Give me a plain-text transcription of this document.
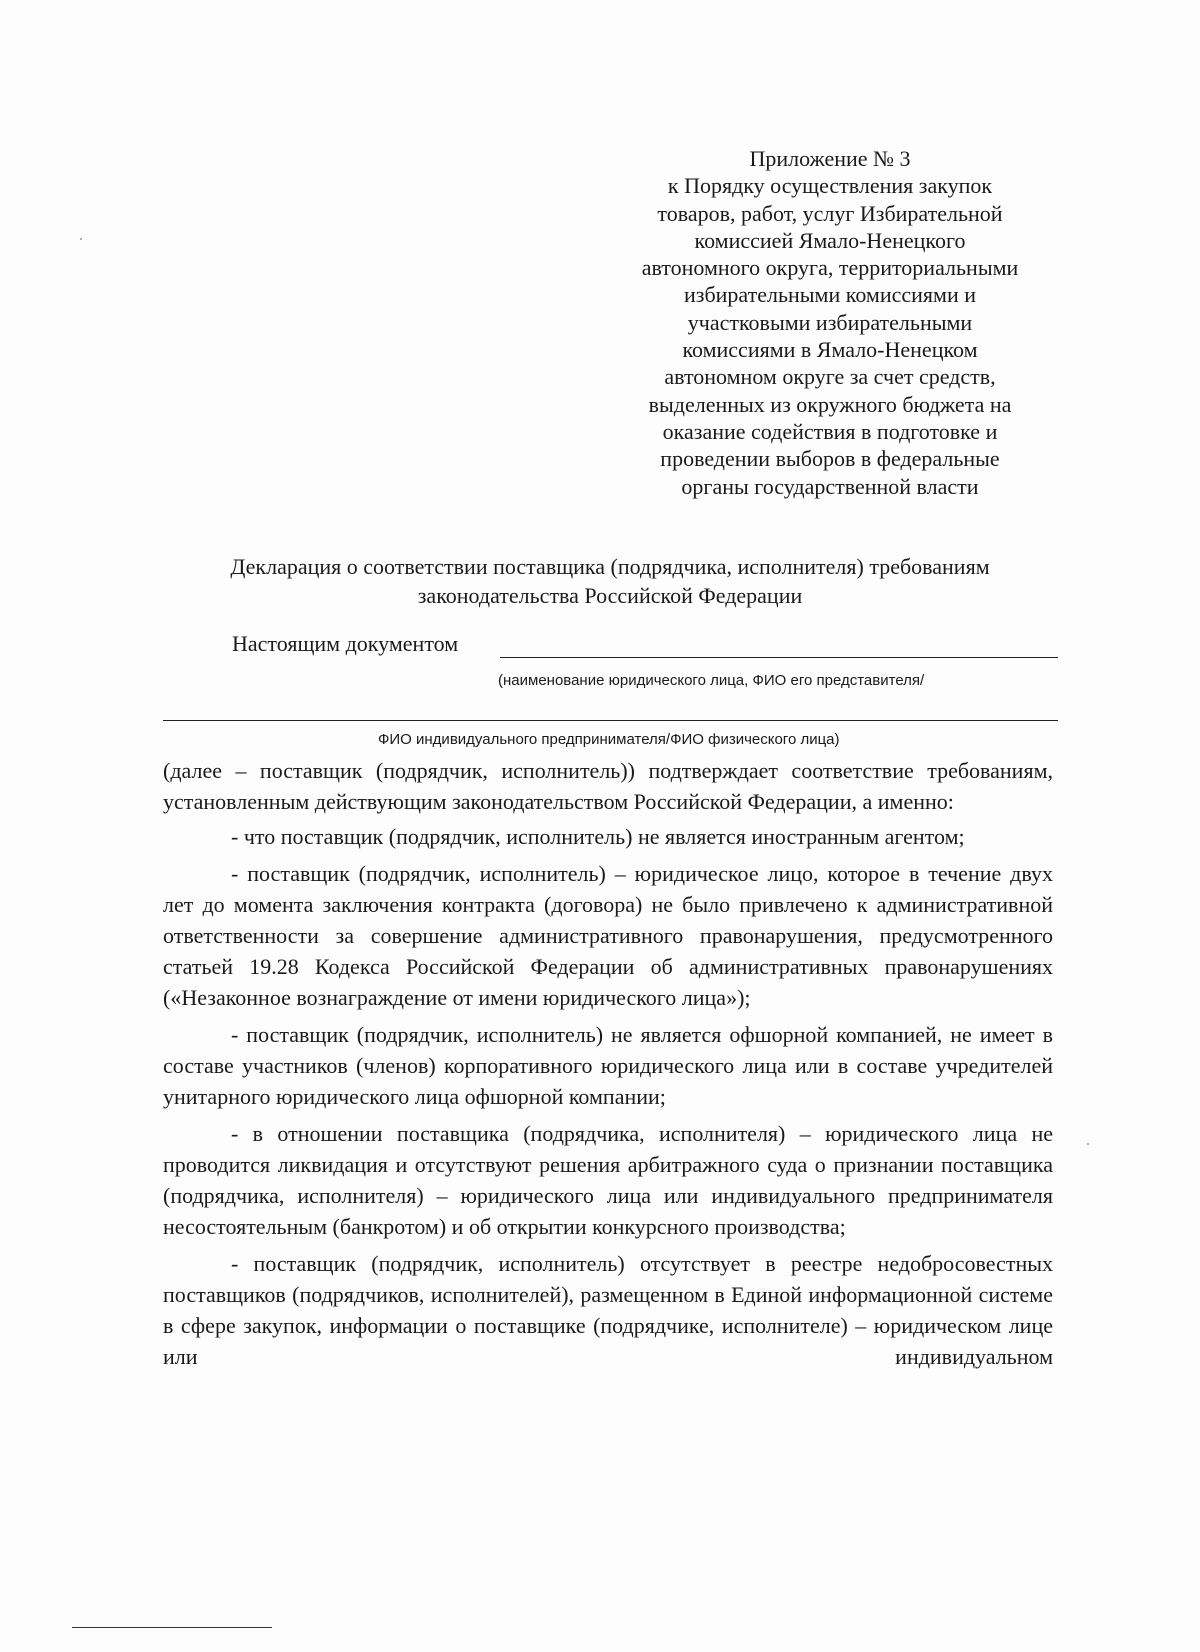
Приложение № 3
к Порядку осуществления закупок
товаров, работ, услуг Избирательной
комиссией Ямало-Ненецкого
автономного округа, территориальными
избирательными комиссиями и
участковыми избирательными
комиссиями в Ямало-Ненецком
автономном округе за счет средств,
выделенных из окружного бюджета на
оказание содействия в подготовке и
проведении выборов в федеральные
органы государственной власти
Декларация о соответствии поставщика (подрядчика, исполнителя) требованиям
законодательства Российской Федерации
Настоящим документом
(наименование юридического лица, ФИО его представителя/
ФИО индивидуального предпринимателя/ФИО физического лица)

(далее – поставщик (подрядчик, исполнитель)) подтверждает соответствие требованиям, установленным действующим законодательством Российской Федерации, а именно:

- что поставщик (подрядчик, исполнитель) не является иностранным агентом;

- поставщик (подрядчик, исполнитель) – юридическое лицо, которое в течение двух лет до момента заключения контракта (договора) не было привлечено к административной ответственности за совершение административного правонарушения, предусмотренного статьей 19.28 Кодекса Российской Федерации об административных правонарушениях («Незаконное вознаграждение от имени юридического лица»);

- поставщик (подрядчик, исполнитель) не является офшорной компанией, не имеет в составе участников (членов) корпоративного юридического лица или в составе учредителей унитарного юридического лица офшорной компании;

- в отношении поставщика (подрядчика, исполнителя) – юридического лица не проводится ликвидация и отсутствуют решения арбитражного суда о признании поставщика (подрядчика, исполнителя) – юридического лица или индивидуального предпринимателя несостоятельным (банкротом) и об открытии конкурсного производства;

- поставщик (подрядчик, исполнитель) отсутствует в реестре недобросовестных поставщиков (подрядчиков, исполнителей), размещенном в Единой информационной системе в сфере закупок, информации о поставщике (подрядчике, исполнителе) – юридическом лице или индивидуальном
